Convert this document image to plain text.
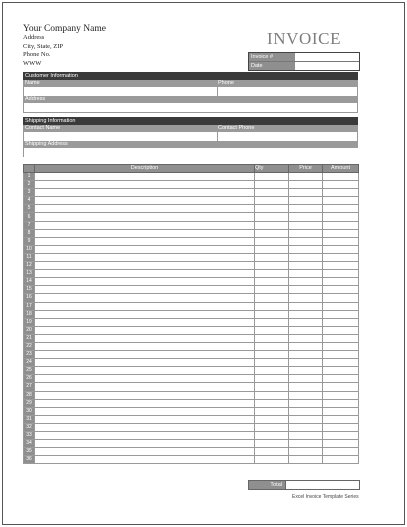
Your Company Name
Address
City, State, ZIP
Phone No.
WWW
INVOICE
Invoice #
Date
Customer Information
Name	Phone
Address
Shipping Information
Contact Name	Contact Phone
Shipping Address
	Description	Qty	Price	Amount
1				
2				
3				
4				
5				
6				
7				
8				
9				
10				
11				
12				
13				
14				
15				
16				
17				
18				
19				
20				
21				
22				
23				
24				
25				
26				
27				
28				
29				
30				
31				
32				
33				
34				
35				
36				
Total
Excel Invoice Template Series
